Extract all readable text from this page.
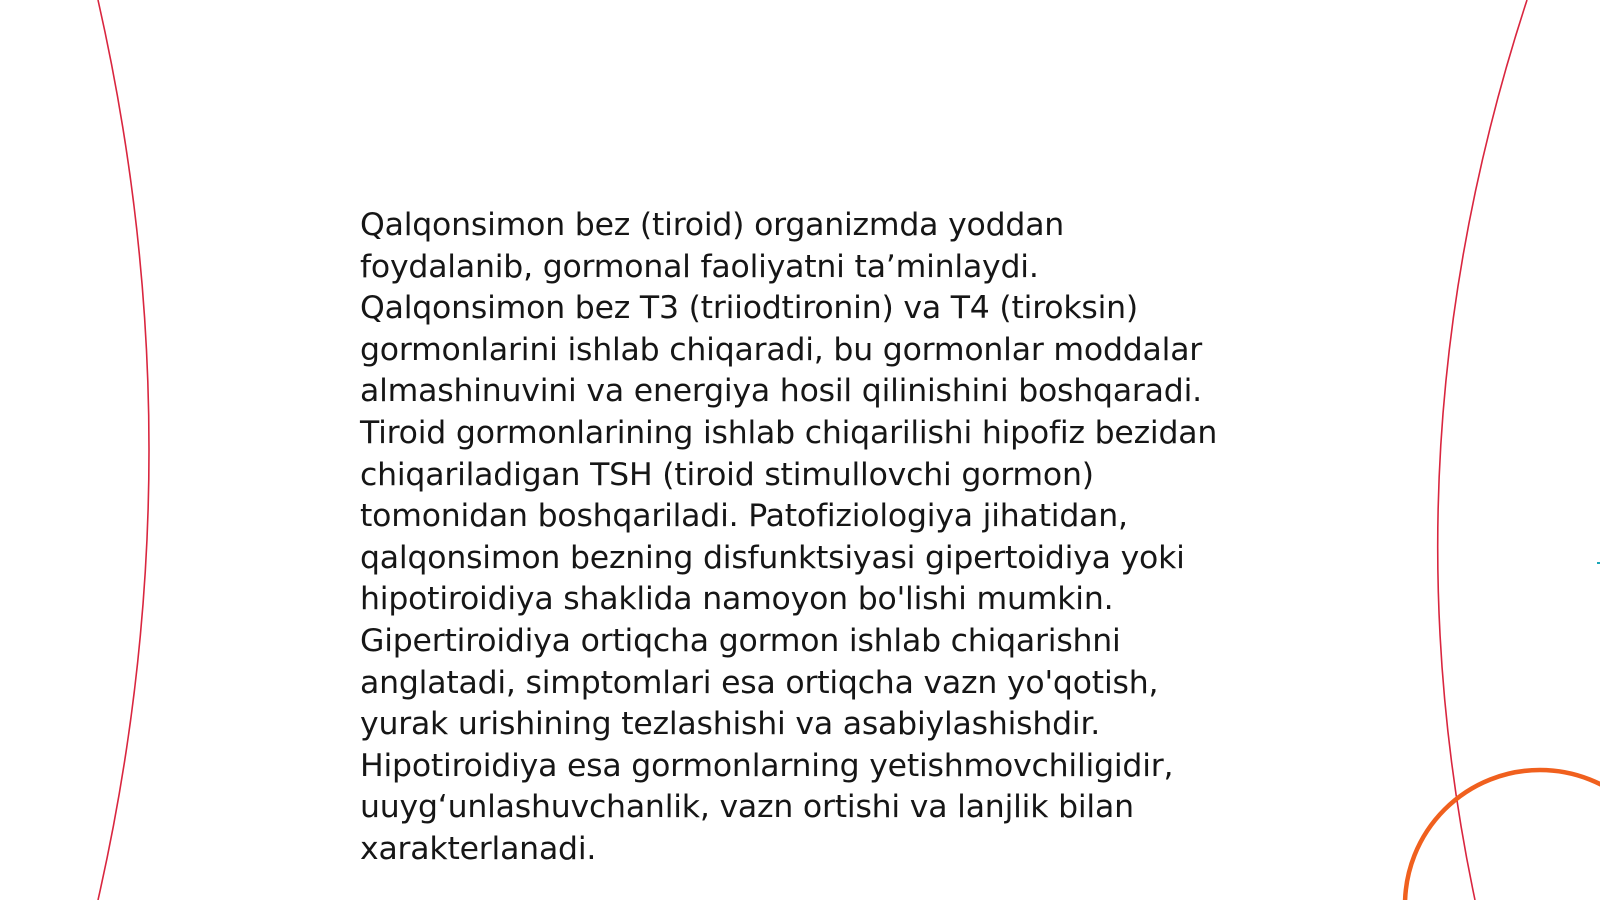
Qalqonsimon bez (tiroid) organizmda yoddan foydalanib, gormonal faoliyatni ta’minlaydi. Qalqonsimon bez T3 (triiodtironin) va T4 (tiroksin) gormonlarini ishlab chiqaradi, bu gormonlar moddalar almashinuvini va energiya hosil qilinishini boshqaradi. Tiroid gormonlarining ishlab chiqarilishi hipofiz bezidan chiqariladigan TSH (tiroid stimullovchi gormon) tomonidan boshqariladi. Patofiziologiya jihatidan, qalqonsimon bezning disfunktsiyasi gipertoidiya yoki hipotiroidiya shaklida namoyon bo'lishi mumkin. Gipertiroidiya ortiqcha gormon ishlab chiqarishni anglatadi, simptomlari esa ortiqcha vazn yo'qotish, yurak urishining tezlashishi va asabiylashishdir. Hipotiroidiya esa gormonlarning yetishmovchiligidir, uuyg‘unlashuvchanlik, vazn ortishi va lanjlik bilan xarakterlanadi.
